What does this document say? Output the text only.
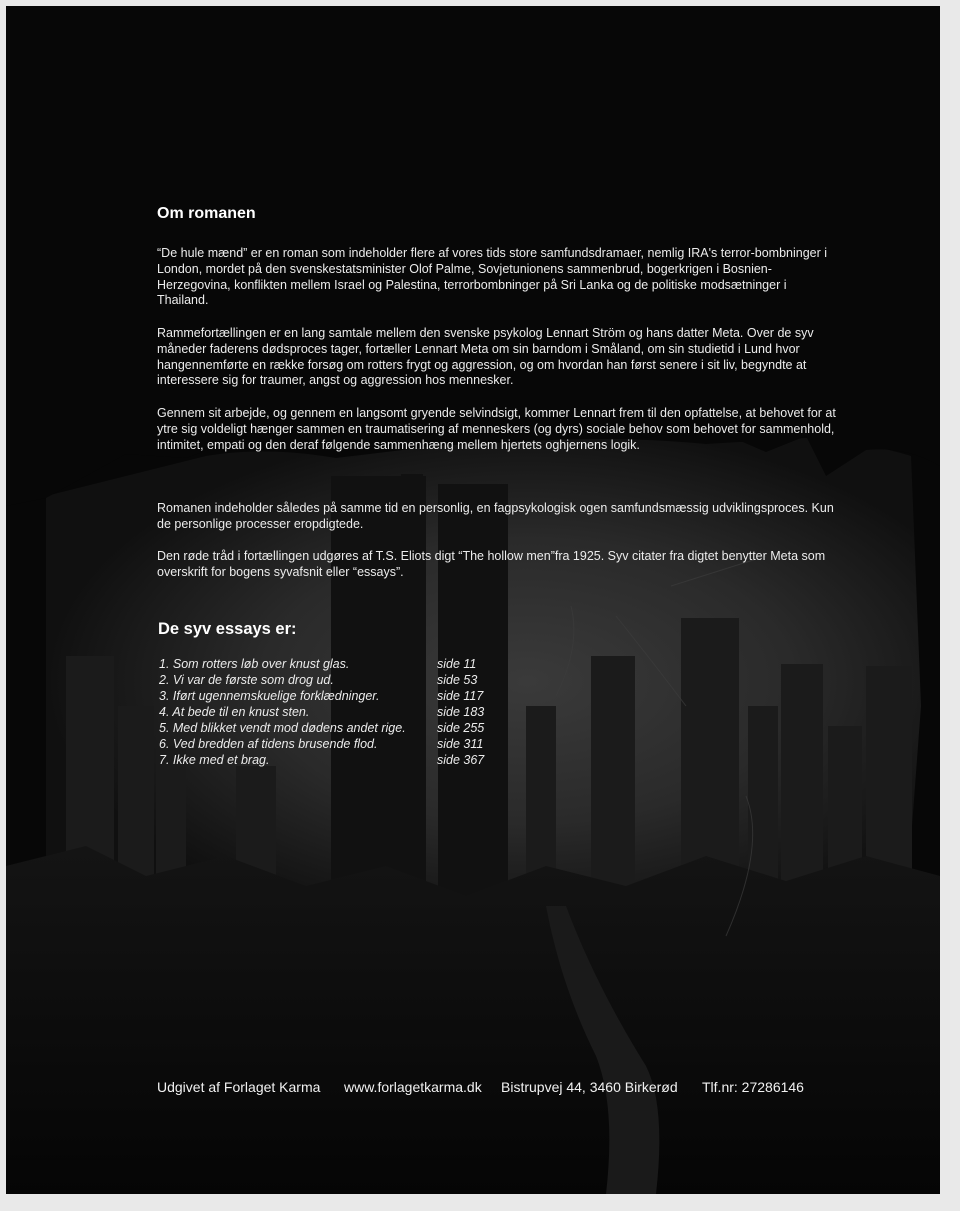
Om romanen

“De hule mænd” er en roman som indeholder flere af vores tids store samfundsdramaer, nemlig IRA's terror-bombninger i London, mordet på den svenskestatsminister Olof Palme, Sovjetunionens sammenbrud, bogerkrigen i Bosnien-Herzegovina, konflikten mellem Israel og Palestina, terrorbombninger på Sri Lanka og de politiske modsætninger i Thailand.

Rammefortællingen er en lang samtale mellem den svenske psykolog Lennart Ström og hans datter Meta. Over de syv måneder faderens dødsproces tager, fortæller Lennart Meta om sin barndom i Småland, om sin studietid i Lund hvor hangennemførte en række forsøg om rotters frygt og aggression, og om hvordan han først senere i sit liv, begyndte at interessere sig for traumer, angst og aggression hos mennesker.

Gennem sit arbejde, og gennem en langsomt gryende selvindsigt, kommer Lennart frem til den opfattelse, at behovet for at ytre sig voldeligt hænger sammen en traumatisering af menneskers (og dyrs) sociale behov som behovet for sammenhold, intimitet, empati og den deraf følgende sammenhæng mellem hjertets oghjernens logik.

Romanen indeholder således på samme tid en personlig, en fagpsykologisk ogen samfundsmæssig udviklingsproces. Kun de personlige processer eropdigtede.

Den røde tråd i fortællingen udgøres af T.S. Eliots digt “The hollow men”fra 1925. Syv citater fra digtet benytter Meta som overskrift for bogens syvafsnit eller “essays”.

De syv essays er:
1. Som rotters løb over knust glas.	side 11
2. Vi var de første som drog ud.	side 53
3. Iført ugennemskuelige forklædninger.	side 117
4. At bede til en knust sten.	side 183
5. Med blikket vendt mod dødens andet rige.	side 255
6. Ved bredden af tidens brusende flod.	side 311
7. Ikke med et brag.	side 367
Udgivet af Forlaget Karma www.forlagetkarma.dk Bistrupvej 44, 3460 Birkerød Tlf.nr: 27286146
